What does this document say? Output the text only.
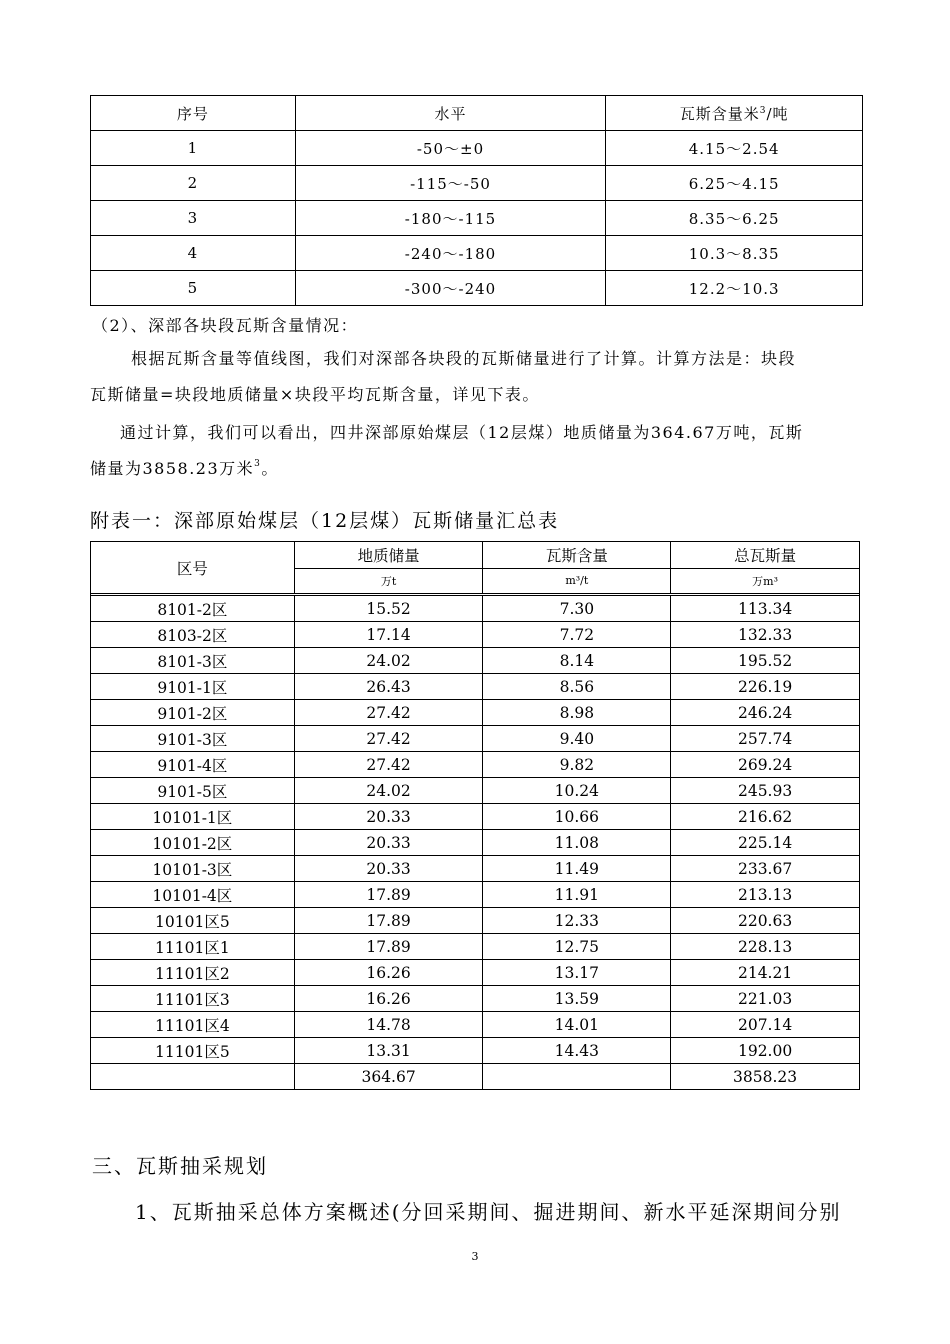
序号	水平	瓦斯含量米$^3$/吨
1	-50～±0	4.15～2.54
2	-115～-50	6.25～4.15
3	-180～-115	8.35～6.25
4	-240～-180	10.3～8.35
5	-300～-240	12.2～10.3
（2）、深部各块段瓦斯含量情况：
根据瓦斯含量等值线图，我们对深部各块段的瓦斯储量进行了计算。计算方法是：块段
瓦斯储量=块段地质储量×块段平均瓦斯含量，详见下表。
通过计算，我们可以看出，四井深部原始煤层（12层煤）地质储量为364.67万吨，瓦斯
储量为3858.23万米$^3$。
附表一：深部原始煤层（12层煤）瓦斯储量汇总表
区号	地质储量	瓦斯含量	总瓦斯量
	万t	m³/t	万m³

8101-2区	15.52	7.30	113.34
8103-2区	17.14	7.72	132.33
8101-3区	24.02	8.14	195.52
9101-1区	26.43	8.56	226.19
9101-2区	27.42	8.98	246.24
9101-3区	27.42	9.40	257.74
9101-4区	27.42	9.82	269.24
9101-5区	24.02	10.24	245.93
10101-1区	20.33	10.66	216.62
10101-2区	20.33	11.08	225.14
10101-3区	20.33	11.49	233.67
10101-4区	17.89	11.91	213.13
10101区5	17.89	12.33	220.63
11101区1	17.89	12.75	228.13
11101区2	16.26	13.17	214.21
11101区3	16.26	13.59	221.03
11101区4	14.78	14.01	207.14
11101区5	13.31	14.43	192.00
	364.67		3858.23
三、瓦斯抽采规划
1、瓦斯抽采总体方案概述(分回采期间、掘进期间、新水平延深期间分别
3
